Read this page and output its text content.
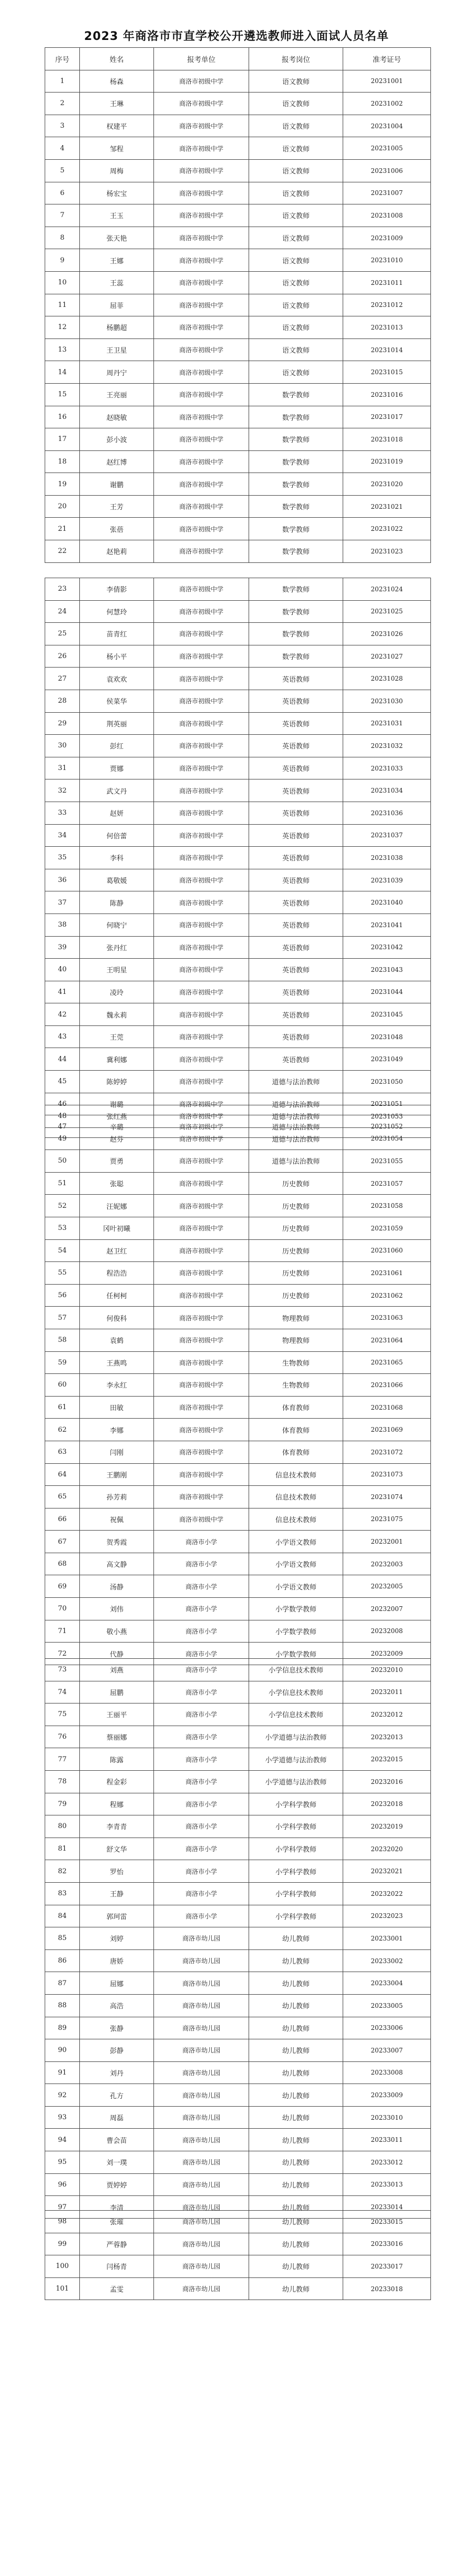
2023 年商洛市市直学校公开遴选教师进入面试人员名单
序号	姓名	报考单位	报考岗位	准考证号
1	杨森	商洛市初级中学	语文教师	20231001
2	王琳	商洛市初级中学	语文教师	20231002
3	权建平	商洛市初级中学	语文教师	20231004
4	邹程	商洛市初级中学	语文教师	20231005
5	周梅	商洛市初级中学	语文教师	20231006
6	杨宏宝	商洛市初级中学	语文教师	20231007
7	王玉	商洛市初级中学	语文教师	20231008
8	张天艳	商洛市初级中学	语文教师	20231009
9	王娜	商洛市初级中学	语文教师	20231010
10	王蕊	商洛市初级中学	语文教师	20231011
11	屈菲	商洛市初级中学	语文教师	20231012
12	杨鹏超	商洛市初级中学	语文教师	20231013
13	王卫星	商洛市初级中学	语文教师	20231014
14	周丹宁	商洛市初级中学	语文教师	20231015
15	王亮丽	商洛市初级中学	数学教师	20231016
16	赵晓敏	商洛市初级中学	数学教师	20231017
17	彭小波	商洛市初级中学	数学教师	20231018
18	赵红博	商洛市初级中学	数学教师	20231019
19	谢鹏	商洛市初级中学	数学教师	20231020
20	王芳	商洛市初级中学	数学教师	20231021
21	张蓓	商洛市初级中学	数学教师	20231022
22	赵艳莉	商洛市初级中学	数学教师	20231023
23	李倩影	商洛市初级中学	数学教师	20231024
24	何慧玲	商洛市初级中学	数学教师	20231025
25	苗青红	商洛市初级中学	数学教师	20231026
26	杨小平	商洛市初级中学	数学教师	20231027
27	袁欢欢	商洛市初级中学	英语教师	20231028
28	侯菜华	商洛市初级中学	英语教师	20231030
29	荆英丽	商洛市初级中学	英语教师	20231031
30	彭红	商洛市初级中学	英语教师	20231032
31	贾娜	商洛市初级中学	英语教师	20231033
32	武文丹	商洛市初级中学	英语教师	20231034
33	赵妍	商洛市初级中学	英语教师	20231036
34	何倍蕾	商洛市初级中学	英语教师	20231037
35	李科	商洛市初级中学	英语教师	20231038
36	葛敬媛	商洛市初级中学	英语教师	20231039
37	陈静	商洛市初级中学	英语教师	20231040
38	何晓宁	商洛市初级中学	英语教师	20231041
39	张丹红	商洛市初级中学	英语教师	20231042
40	王明星	商洛市初级中学	英语教师	20231043
41	凌玲	商洛市初级中学	英语教师	20231044
42	魏永莉	商洛市初级中学	英语教师	20231045
43	王莞	商洛市初级中学	英语教师	20231048
44	冀利娜	商洛市初级中学	英语教师	20231049
45	陈婷婷	商洛市初级中学	道德与法治教师	20231050
46	谢璐	商洛市初级中学	道德与法治教师	20231051
47	辛璐	商洛市初级中学	道德与法治教师	20231052
48	张红燕	商洛市初级中学	道德与法治教师	20231053
49	赵芬	商洛市初级中学	道德与法治教师	20231054
50	贾勇	商洛市初级中学	道德与法治教师	20231055
51	张聪	商洛市初级中学	历史教师	20231057
52	汪妮娜	商洛市初级中学	历史教师	20231058
53	冈叶初曦	商洛市初级中学	历史教师	20231059
54	赵卫红	商洛市初级中学	历史教师	20231060
55	程浩浩	商洛市初级中学	历史教师	20231061
56	任柯柯	商洛市初级中学	历史教师	20231062
57	何俊科	商洛市初级中学	物理教师	20231063
58	袁鹤	商洛市初级中学	物理教师	20231064
59	王燕鸣	商洛市初级中学	生物教师	20231065
60	李永红	商洛市初级中学	生物教师	20231066
61	田敏	商洛市初级中学	体育教师	20231068
62	李娜	商洛市初级中学	体育教师	20231069
63	闫刚	商洛市初级中学	体育教师	20231072
64	王鹏刚	商洛市初级中学	信息技术教师	20231073
65	孙芳莉	商洛市初级中学	信息技术教师	20231074
66	祝佩	商洛市初级中学	信息技术教师	20231075
67	贺秀霞	商洛市小学	小学语文教师	20232001
68	高文静	商洛市小学	小学语文教师	20232003
69	汤静	商洛市小学	小学语文教师	20232005
70	刘伟	商洛市小学	小学数学教师	20232007
71	敬小燕	商洛市小学	小学数学教师	20232008
72	代静	商洛市小学	小学数学教师	20232009
73	刘燕	商洛市小学	小学信息技术教师	20232010
74	屈鹏	商洛市小学	小学信息技术教师	20232011
75	王丽平	商洛市小学	小学信息技术教师	20232012
76	蔡丽娜	商洛市小学	小学道德与法治教师	20232013
77	陈露	商洛市小学	小学道德与法治教师	20232015
78	程金彩	商洛市小学	小学道德与法治教师	20232016
79	程娜	商洛市小学	小学科学教师	20232018
80	李青青	商洛市小学	小学科学教师	20232019
81	舒文华	商洛市小学	小学科学教师	20232020
82	罗怡	商洛市小学	小学科学教师	20232021
83	王静	商洛市小学	小学科学教师	20232022
84	郭珂雷	商洛市小学	小学科学教师	20232023
85	刘婷	商洛市幼儿园	幼儿教师	20233001
86	唐娇	商洛市幼儿园	幼儿教师	20233002
87	屈娜	商洛市幼儿园	幼儿教师	20233004
88	高浩	商洛市幼儿园	幼儿教师	20233005
89	张静	商洛市幼儿园	幼儿教师	20233006
90	彭静	商洛市幼儿园	幼儿教师	20233007
91	刘丹	商洛市幼儿园	幼儿教师	20233008
92	孔方	商洛市幼儿园	幼儿教师	20233009
93	周磊	商洛市幼儿园	幼儿教师	20233010
94	曹会苗	商洛市幼儿园	幼儿教师	20233011
95	刘一璞	商洛市幼儿园	幼儿教师	20233012
96	贾婷婷	商洛市幼儿园	幼儿教师	20233013
97	李清	商洛市幼儿园	幼儿教师	20233014
98	张璀	商洛市幼儿园	幼儿教师	20233015
99	严蓉静	商洛市幼儿园	幼儿教师	20233016
100	闫杨青	商洛市幼儿园	幼儿教师	20233017
101	孟雯	商洛市幼儿园	幼儿教师	20233018
